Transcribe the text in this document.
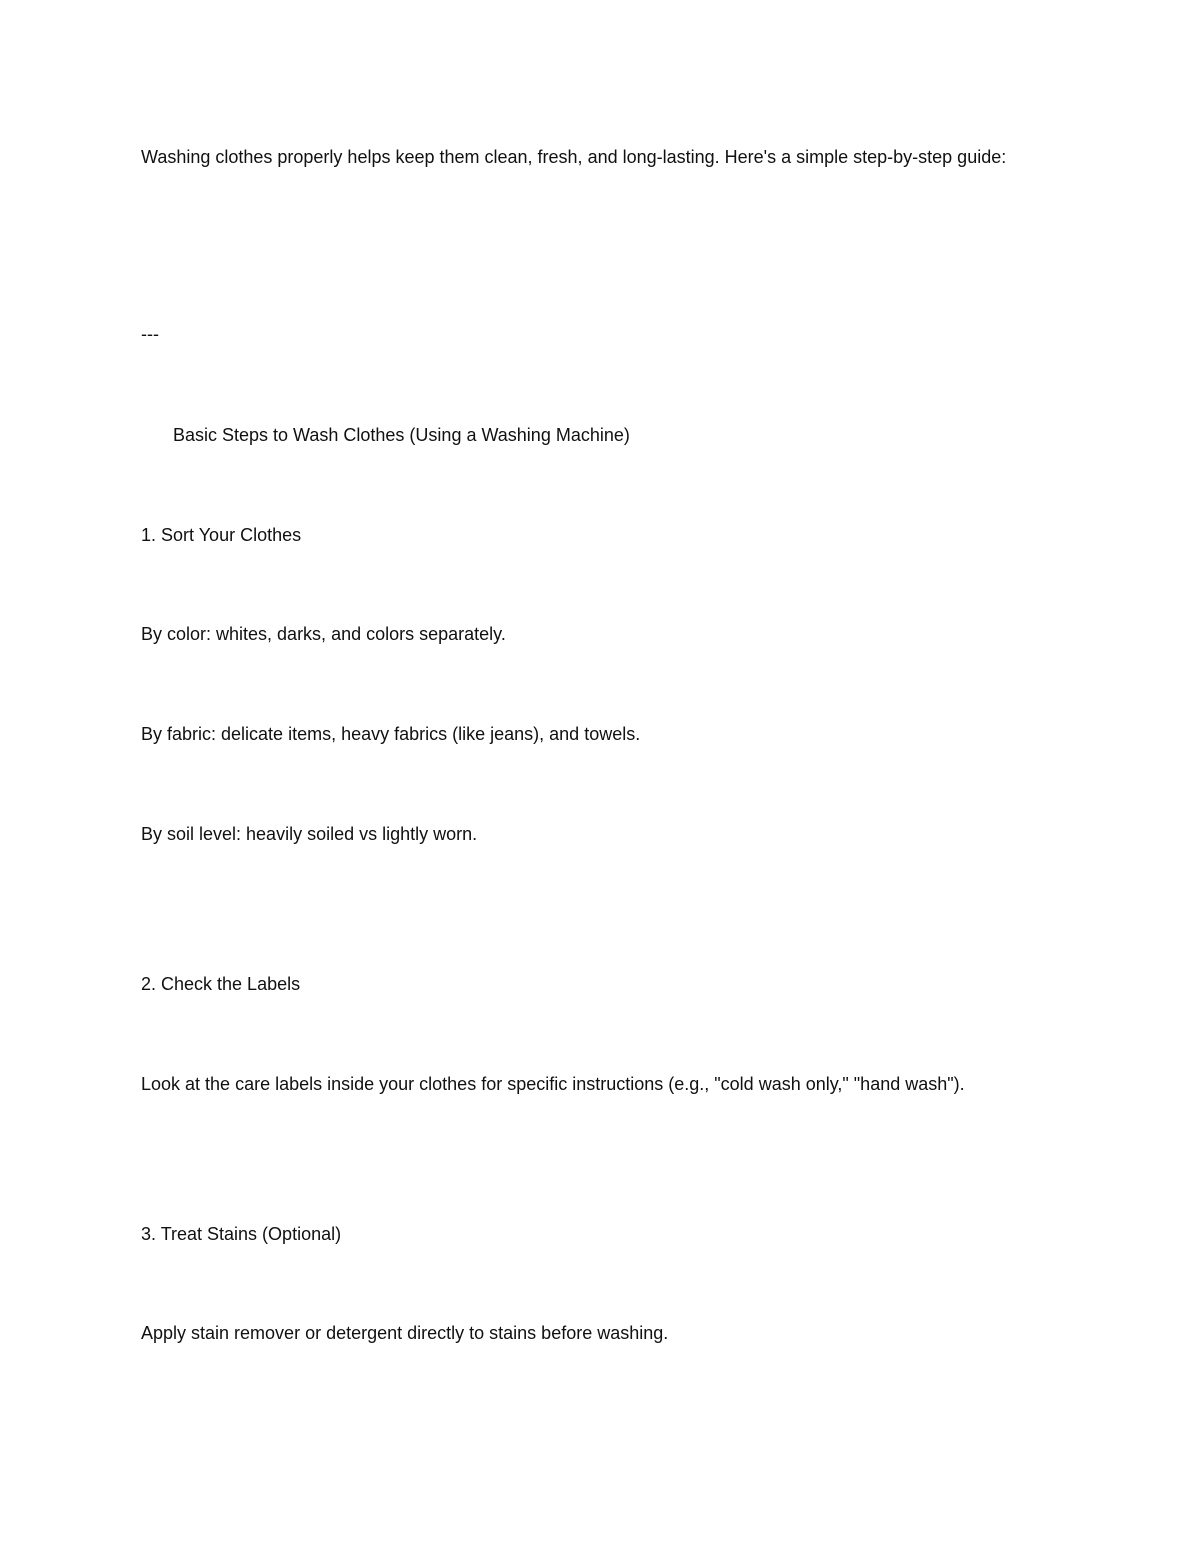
Washing clothes properly helps keep them clean, fresh, and long-lasting. Here's a simple step-by-step guide:
---
Basic Steps to Wash Clothes (Using a Washing Machine)
1. Sort Your Clothes
By color: whites, darks, and colors separately.
By fabric: delicate items, heavy fabrics (like jeans), and towels.
By soil level: heavily soiled vs lightly worn.
2. Check the Labels
Look at the care labels inside your clothes for specific instructions (e.g., "cold wash only," "hand wash").
3. Treat Stains (Optional)
Apply stain remover or detergent directly to stains before washing.
